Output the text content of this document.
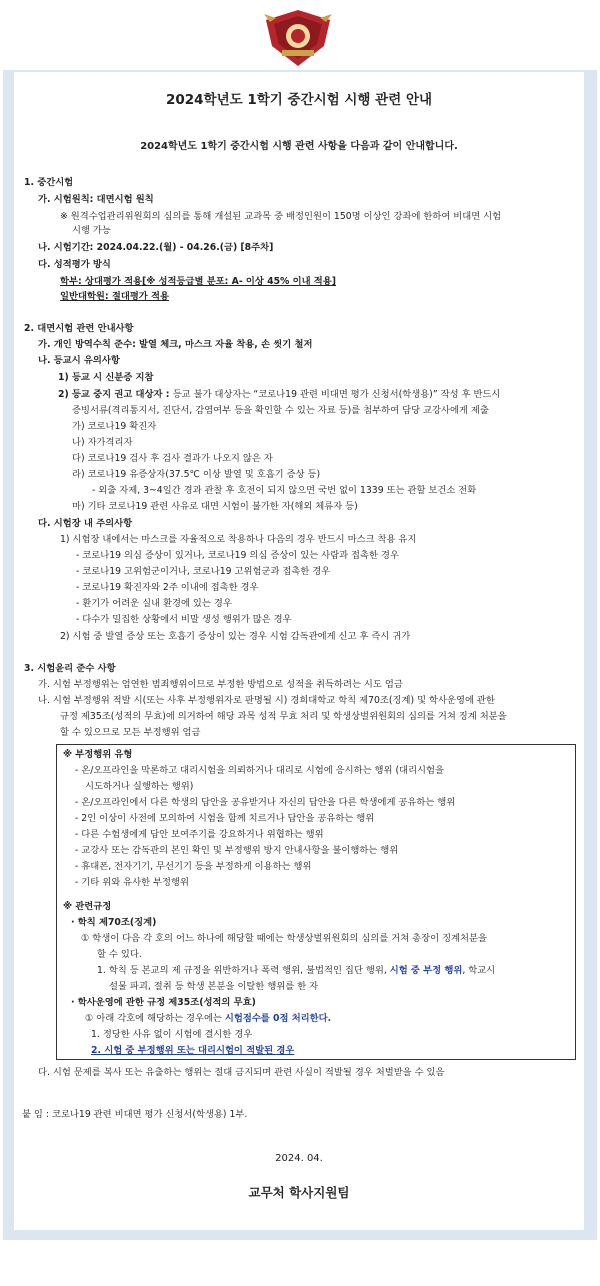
2024학년도 1학기 중간시험 시행 관련 안내
2024학년도 1학기 중간시험 시행 관련 사항을 다음과 같이 안내합니다.
1. 중간시험
가. 시험원칙: 대면시험 원칙
※ 원격수업관리위원회의 심의를 통해 개설된 교과목 중 배정인원이 150명 이상인 강좌에 한하여 비대면 시험
시행 가능
나. 시험기간: 2024.04.22.(월) - 04.26.(금) [8주차]
다. 성적평가 방식
학부: 상대평가 적용[※ 성적등급별 분포: A- 이상 45% 이내 적용]
일반대학원: 절대평가 적용
2. 대면시험 관련 안내사항
가. 개인 방역수칙 준수: 발열 체크, 마스크 자율 착용, 손 씻기 철저
나. 등교시 유의사항
1) 등교 시 신분증 지참
2) 등교 중지 권고 대상자 : 등교 불가 대상자는 “코로나19 관련 비대면 평가 신청서(학생용)” 작성 후 반드시
증빙서류(격리통지서, 진단서, 감염여부 등을 확인할 수 있는 자료 등)를 첨부하여 담당 교강사에게 제출
가) 코로나19 확진자
나) 자가격리자
다) 코로나19 검사 후 검사 결과가 나오지 않은 자
라) 코로나19 유증상자(37.5℃ 이상 발열 및 호흡기 증상 등)
- 외출 자제, 3~4일간 경과 관찰 후 호전이 되지 않으면 국번 없이 1339 또는 관할 보건소 전화
마) 기타 코로나19 관련 사유로 대면 시험이 불가한 자(해외 체류자 등)
다. 시험장 내 주의사항
1) 시험장 내에서는 마스크를 자율적으로 착용하나 다음의 경우 반드시 마스크 착용 유지
- 코로나19 의심 증상이 있거나, 코로나19 의심 증상이 있는 사람과 접촉한 경우
- 코로나19 고위험군이거나, 코로나19 고위험군과 접촉한 경우
- 코로나19 확진자와 2주 이내에 접촉한 경우
- 환기가 어려운 실내 환경에 있는 경우
- 다수가 밀집한 상황에서 비말 생성 행위가 많은 경우
2) 시험 중 발열 증상 또는 호흡기 증상이 있는 경우 시험 감독관에게 신고 후 즉시 귀가
3. 시험윤리 준수 사항
가. 시험 부정행위는 엄연한 범죄행위이므로 부정한 방법으로 성적을 취득하려는 시도 엄금
나. 시험 부정행위 적발 시(또는 사후 부정행위자로 판명될 시) 경희대학교 학칙 제70조(징계) 및 학사운영에 관한
규정 제35조(성적의 무효)에 의거하여 해당 과목 성적 무효 처리 및 학생상벌위원회의 심의를 거쳐 징계 처분을
할 수 있으므로 모든 부정행위 엄금
※ 부정행위 유형
- 온/오프라인을 막론하고 대리시험을 의뢰하거나 대리로 시험에 응시하는 행위 (대리시험을
시도하거나 실행하는 행위)
- 온/오프라인에서 다른 학생의 답안을 공유받거나 자신의 답안을 다른 학생에게 공유하는 행위
- 2인 이상이 사전에 모의하여 시험을 함께 치르거나 답안을 공유하는 행위
- 다른 수험생에게 답안 보여주기를 강요하거나 위협하는 행위
- 교강사 또는 감독관의 본인 확인 및 부정행위 방지 안내사항을 불이행하는 행위
- 휴대폰, 전자기기, 무선기기 등을 부정하게 이용하는 행위
- 기타 위와 유사한 부정행위
※ 관련규정
· 학칙 제70조(징계)
① 학생이 다음 각 호의 어느 하나에 해당할 때에는 학생상벌위원회의 심의를 거쳐 총장이 징계처분을
할 수 있다.
1. 학칙 등 본교의 제 규정을 위반하거나 폭력 행위, 불법적인 집단 행위, 시험 중 부정 행위, 학교시
설물 파괴, 절취 등 학생 본분을 이탈한 행위를 한 자
· 학사운영에 관한 규정 제35조(성적의 무효)
① 아래 각호에 해당하는 경우에는 시험점수를 0점 처리한다.
1. 정당한 사유 없이 시험에 결시한 경우
2. 시험 중 부정행위 또는 대리시험이 적발된 경우
다. 시험 문제를 복사 또는 유출하는 행위는 절대 금지되며 관련 사실이 적발될 경우 처벌받을 수 있음
붙 임 : 코로나19 관련 비대면 평가 신청서(학생용) 1부.
2024. 04.
교무처 학사지원팀
